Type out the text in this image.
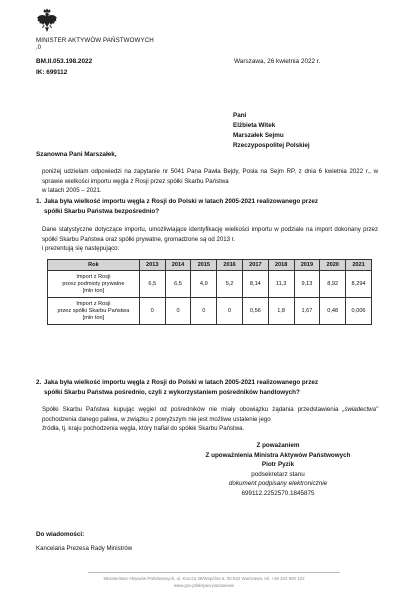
MINISTER AKTYWÓW PAŃSTWOWYCH
,0
BM.II.053.198.2022
IK: 699112
Warszawa, 26 kwietnia 2022 r.
Pani
Elżbieta Witek
Marszałek Sejmu
Rzeczypospolitej Polskiej
Szanowna Pani Marszałek,
poniżej udzielam odpowiedzi na zapytanie nr 5041 Pana Pawła Bejdy, Posła na Sejm RP, z dnia 6 kwietnia 2022 r., w sprawie wielkości importu węgla z Rosji przez spółki Skarbu Państwa
w latach 2005 – 2021.
1. Jaka była wielkość importu węgla z Rosji do Polski w latach 2005-2021 realizowanego przez
spółki Skarbu Państwa bezpośrednio?
Dane statystyczne dotyczące importu, umożliwiające identyfikację wielkości importu w podziale na import dokonany przez spółki Skarbu Państwa oraz spółki prywatne, gromadzone są od 2013 r.
i prezentują się następująco:
Rok	2013	2014	2015	2016	2017	2018	2019	2020	2021

Import z Rosji
przez podmioty prywatne
[mln ton]	6,5	6,5	4,9	5,2	8,14	11,3	9,13	8,92	8,294

Import z Rosji
przez spółki Skarbu Państwa
[mln ton]	0	0	0	0	0,56	1,8	1,67	0,48	0,006
2. Jaka była wielkość importu węgla z Rosji do Polski w latach 2005-2021 realizowanego przez
spółki Skarbu Państwa pośrednio, czyli z wykorzystaniem pośredników handlowych?
Spółki Skarbu Państwa kupując węgiel od pośredników nie miały obowiązku żądania przedstawienia „świadectwa” pochodzenia danego paliwa, w związku z powyższym nie jest możliwe ustalenie jego
źródła, tj. kraju pochodzenia węgla, który trafiał do spółek Skarbu Państwa.
Z poważaniem
Z upoważnienia Ministra Aktywów Państwowych
Piotr Pyzik
podsekretarz stanu
dokument podpisany elektronicznie
699112.2252570.1845875
Do wiadomości:
Kancelaria Prezesa Rady Ministrów
Ministerstwo Aktywów Państwowych, ul. Krucza 36/Wspólna 6, 00-522 Warszawa, tel. +48 222 500 122
www.gov.pl/aktywa-panstwowe
